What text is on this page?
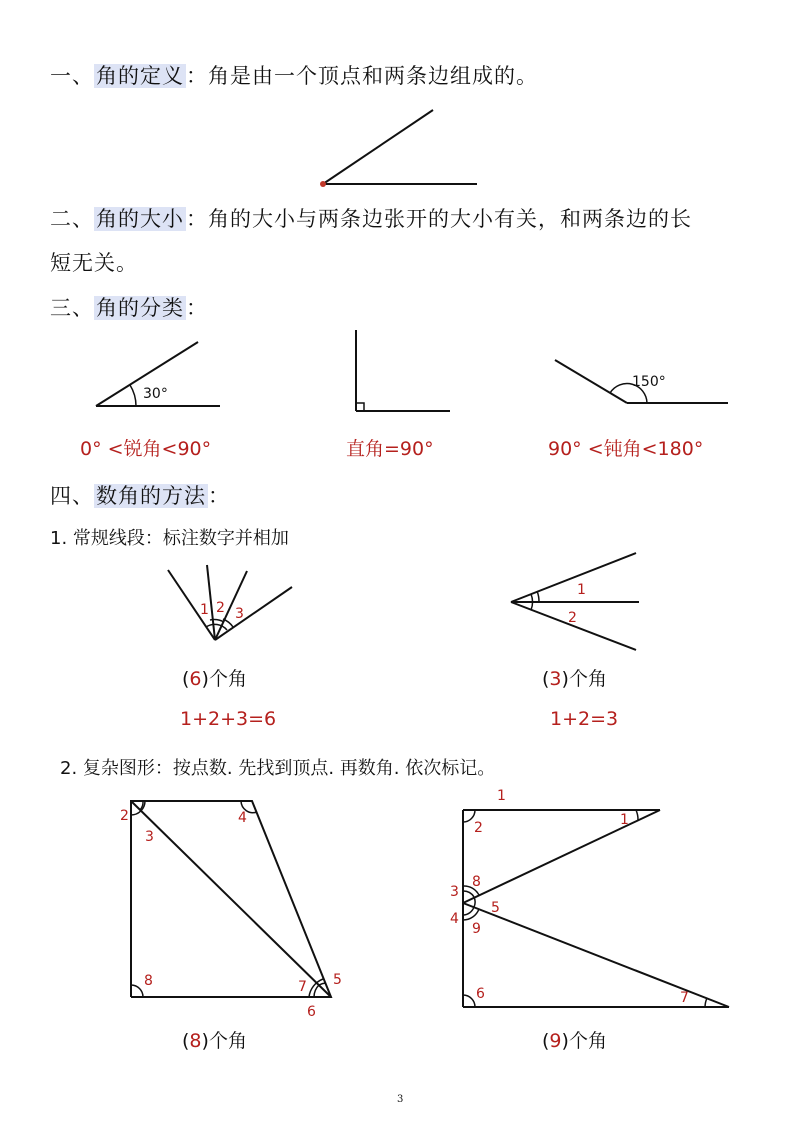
一、角的定义：角是由一个顶点和两条边组成的。
二、角的大小：角的大小与两条边张开的大小有关，和两条边的长
短无关。
三、角的分类：
0° <锐角<90°	直角=90°	90° <钝角<180°
四、数角的方法：
1. 常规线段：标注数字并相加
(6)个角
1+2+3=6
(3)个角
1+2=3
2. 复杂图形：按点数. 先找到顶点. 再数角. 依次标记。
(8)个角	(9)个角
3
30°
150°
1 2 3
1
2
2
3
4
8	7 5
6
1
1
2
3
8
4
5
9
6	7
